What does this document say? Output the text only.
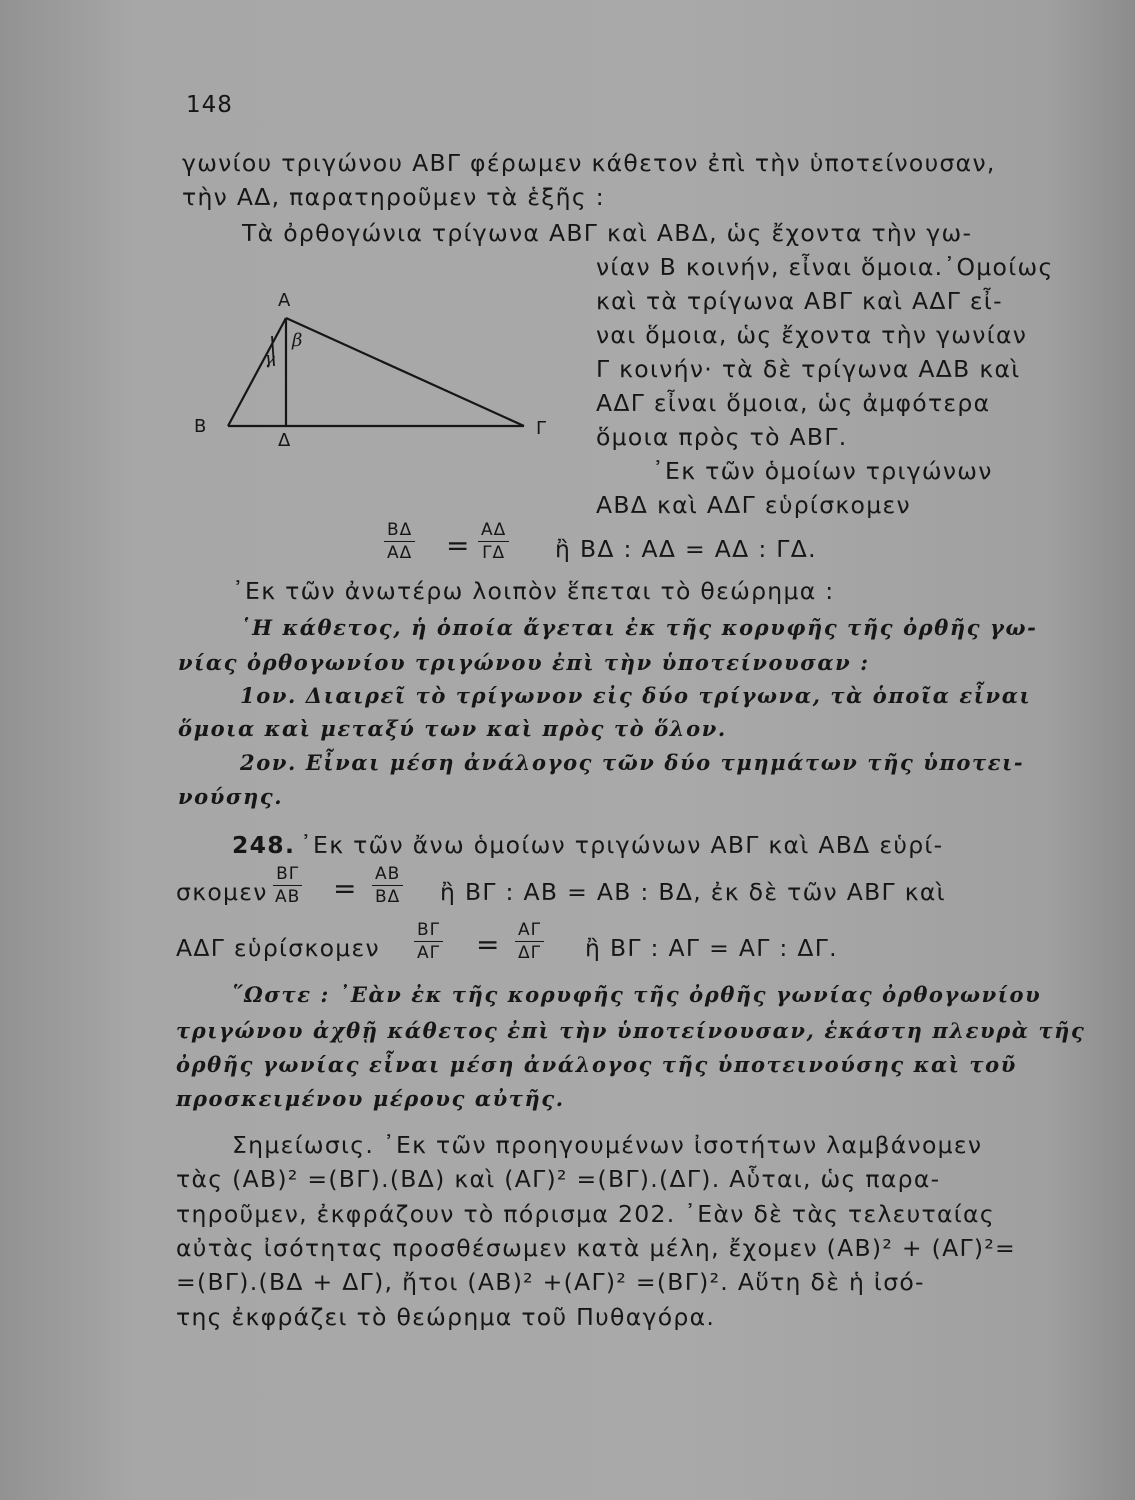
148
γωνίου τριγώνου ΑΒΓ φέρωμεν κάθετον ἐπὶ τὴν ὑποτείνουσαν,
τὴν ΑΔ, παρατηροῦμεν τὰ ἑξῆς :
Τὰ ὀρθογώνια τρίγωνα ΑΒΓ καὶ ΑΒΔ, ὡς ἔχοντα τὴν γω-
νίαν Β κοινήν, εἶναι ὅμοια.᾿Ομοίως
καὶ τὰ τρίγωνα ΑΒΓ καὶ ΑΔΓ εἶ-
ναι ὅμοια, ὡς ἔχοντα τὴν γωνίαν
Γ κοινήν· τὰ δὲ τρίγωνα ΑΔΒ καὶ
ΑΔΓ εἶναι ὅμοια, ὡς ἀμφότερα
ὅμοια πρὸς τὸ ΑΒΓ.
᾿Εκ τῶν ὁμοίων τριγώνων
ΑΒΔ καὶ ΑΔΓ εὑρίσκομεν
A
B	Γ
Δ
β
γ
$\frac{B\Delta}{A\Delta} = \frac{A\Delta}{\Gamma\Delta}$ ἢ ΒΔ : ΑΔ = ΑΔ : ΓΔ.
᾿Εκ τῶν ἀνωτέρω λοιπὸν ἕπεται τὸ θεώρημα :
῾Η κάθετος, ἡ ὁποία ἄγεται ἐκ τῆς κορυφῆς τῆς ὀρθῆς γω-
νίας ὀρθογωνίου τριγώνου ἐπὶ τὴν ὑποτείνουσαν :
1ον. Διαιρεῖ τὸ τρίγωνον εἰς δύο τρίγωνα, τὰ ὁποῖα εἶναι
ὅμοια καὶ μεταξύ των καὶ πρὸς τὸ ὅλον.
2ον. Εἶναι μέση ἀνάλογος τῶν δύο τμημάτων τῆς ὑποτει-
νούσης.
248. ᾿Εκ τῶν ἄνω ὁμοίων τριγώνων ΑΒΓ καὶ ΑΒΔ εὑρί-
σκομεν $\frac{B\Gamma}{AB} = \frac{AB}{B\Delta}$ ἢ ΒΓ : ΑΒ = ΑΒ : ΒΔ, ἐκ δὲ τῶν ΑΒΓ καὶ
ΑΔΓ εὑρίσκομεν $\frac{B\Gamma}{A\Gamma} = \frac{A\Gamma}{\Delta\Gamma}$ ἢ ΒΓ : ΑΓ = ΑΓ : ΔΓ.
῞Ωστε : ᾿Εὰν ἐκ τῆς κορυφῆς τῆς ὀρθῆς γωνίας ὀρθογωνίου
τριγώνου ἀχθῇ κάθετος ἐπὶ τὴν ὑποτείνουσαν, ἑκάστη πλευρὰ τῆς
ὀρθῆς γωνίας εἶναι μέση ἀνάλογος τῆς ὑποτεινούσης καὶ τοῦ
προσκειμένου μέρους αὐτῆς.
Σημείωσις. ᾿Εκ τῶν προηγουμένων ἰσοτήτων λαμβάνομεν
τὰς (ΑΒ)² =(ΒΓ).(ΒΔ) καὶ (ΑΓ)² =(ΒΓ).(ΔΓ). Αὗται, ὡς παρα-
τηροῦμεν, ἐκφράζουν τὸ πόρισμα 202. ᾿Εὰν δὲ τὰς τελευταίας
αὐτὰς ἰσότητας προσθέσωμεν κατὰ μέλη, ἔχομεν (ΑΒ)² + (ΑΓ)²=
=(ΒΓ).(ΒΔ + ΔΓ), ἤτοι (ΑΒ)² +(ΑΓ)² =(ΒΓ)². Αὕτη δὲ ἡ ἰσό-
της ἐκφράζει τὸ θεώρημα τοῦ Πυθαγόρα.
